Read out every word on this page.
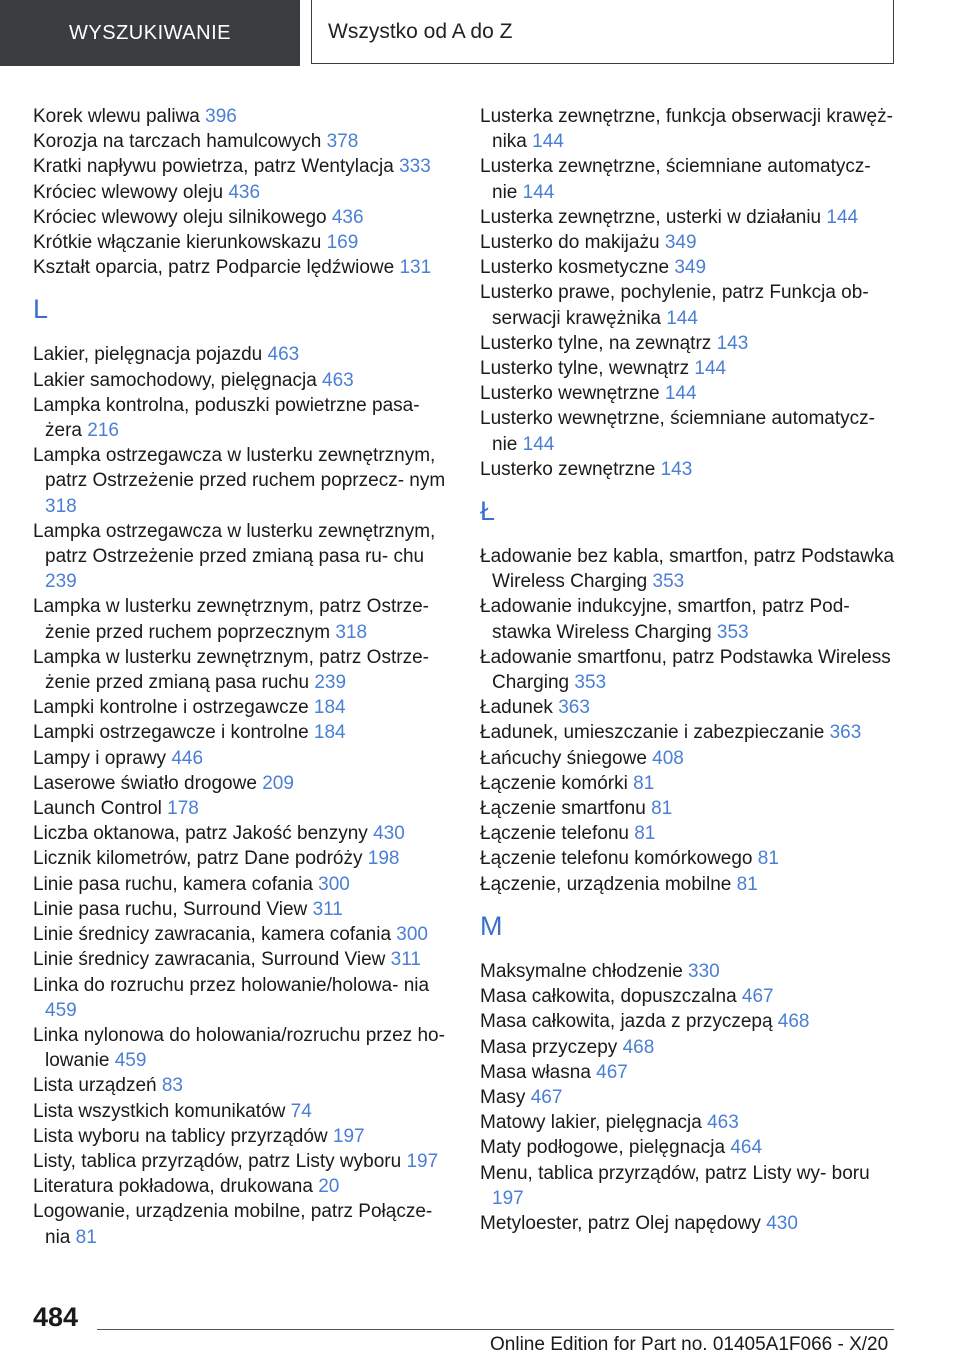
WYSZUKIWANIE	Wszystko od A do Z
Korek wlewu paliwa 396
Korozja na tarczach hamulcowych 378
Kratki napływu powietrza, patrz Wentylacja 333
Króciec wlewowy oleju 436
Króciec wlewowy oleju silnikowego 436
Krótkie włączanie kierunkowskazu 169
Kształt oparcia, patrz Podparcie lędźwiowe 131
L
Lakier, pielęgnacja pojazdu 463
Lakier samochodowy, pielęgnacja 463
Lampka kontrolna, poduszki powietrzne pasa- żera 216
Lampka ostrzegawcza w lusterku zewnętrznym, patrz Ostrzeżenie przed ruchem poprzecz- nym 318
Lampka ostrzegawcza w lusterku zewnętrznym, patrz Ostrzeżenie przed zmianą pasa ru- chu 239
Lampka w lusterku zewnętrznym, patrz Ostrze- żenie przed ruchem poprzecznym 318
Lampka w lusterku zewnętrznym, patrz Ostrze- żenie przed zmianą pasa ruchu 239
Lampki kontrolne i ostrzegawcze 184
Lampki ostrzegawcze i kontrolne 184
Lampy i oprawy 446
Laserowe światło drogowe 209
Launch Control 178
Liczba oktanowa, patrz Jakość benzyny 430
Licznik kilometrów, patrz Dane podróży 198
Linie pasa ruchu, kamera cofania 300
Linie pasa ruchu, Surround View 311
Linie średnicy zawracania, kamera cofania 300
Linie średnicy zawracania, Surround View 311
Linka do rozruchu przez holowanie/holowa- nia 459
Linka nylonowa do holowania/rozruchu przez ho- lowanie 459
Lista urządzeń 83
Lista wszystkich komunikatów 74
Lista wyboru na tablicy przyrządów 197
Listy, tablica przyrządów, patrz Listy wyboru 197
Literatura pokładowa, drukowana 20
Logowanie, urządzenia mobilne, patrz Połącze- nia 81
Lusterka zewnętrzne, funkcja obserwacji krawęż- nika 144
Lusterka zewnętrzne, ściemniane automatycz- nie 144
Lusterka zewnętrzne, usterki w działaniu 144
Lusterko do makijażu 349
Lusterko kosmetyczne 349
Lusterko prawe, pochylenie, patrz Funkcja ob- serwacji krawężnika 144
Lusterko tylne, na zewnątrz 143
Lusterko tylne, wewnątrz 144
Lusterko wewnętrzne 144
Lusterko wewnętrzne, ściemniane automatycz- nie 144
Lusterko zewnętrzne 143
Ł
Ładowanie bez kabla, smartfon, patrz Podstawka Wireless Charging 353
Ładowanie indukcyjne, smartfon, patrz Pod- stawka Wireless Charging 353
Ładowanie smartfonu, patrz Podstawka Wireless Charging 353
Ładunek 363
Ładunek, umieszczanie i zabezpieczanie 363
Łańcuchy śniegowe 408
Łączenie komórki 81
Łączenie smartfonu 81
Łączenie telefonu 81
Łączenie telefonu komórkowego 81
Łączenie, urządzenia mobilne 81
M
Maksymalne chłodzenie 330
Masa całkowita, dopuszczalna 467
Masa całkowita, jazda z przyczepą 468
Masa przyczepy 468
Masa własna 467
Masy 467
Matowy lakier, pielęgnacja 463
Maty podłogowe, pielęgnacja 464
Menu, tablica przyrządów, patrz Listy wy- boru 197
Metyloester, patrz Olej napędowy 430
484
Online Edition for Part no. 01405A1F066 - X/20
